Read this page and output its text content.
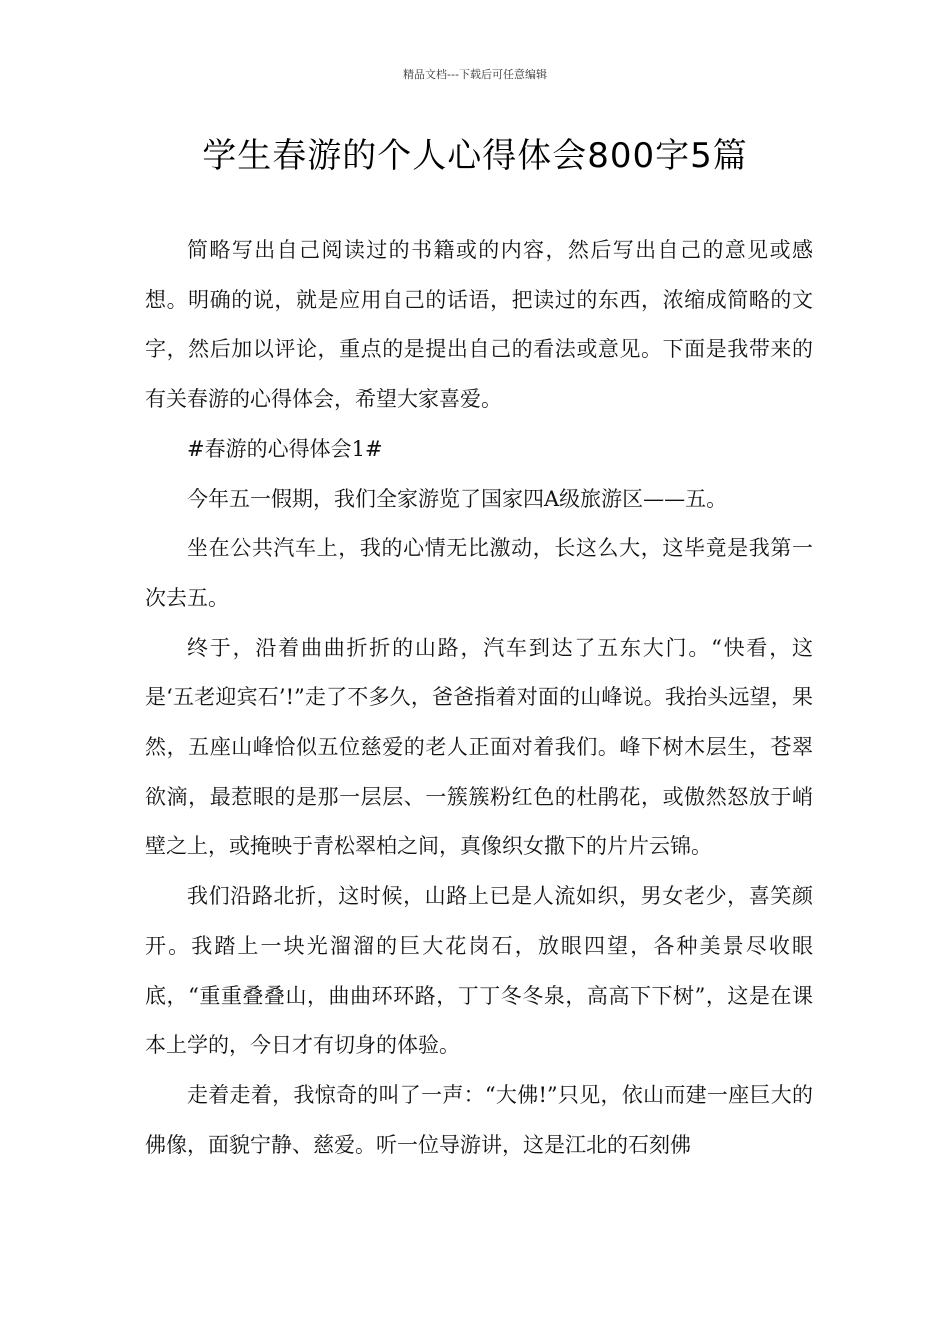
精品文档---下载后可任意编辑
学生春游的个人心得体会800字5篇

简略写出自己阅读过的书籍或的内容，然后写出自己的意见或感想。明确的说，就是应用自己的话语，把读过的东西，浓缩成简略的文字，然后加以评论，重点的是提出自己的看法或意见。下面是我带来的有关春游的心得体会，希望大家喜爱。

#春游的心得体会1#

今年五一假期，我们全家游览了国家四A级旅游区——五。

坐在公共汽车上，我的心情无比激动，长这么大，这毕竟是我第一次去五。

终于，沿着曲曲折折的山路，汽车到达了五东大门。“快看，这是‘五老迎宾石’!”走了不多久，爸爸指着对面的山峰说。我抬头远望，果然，五座山峰恰似五位慈爱的老人正面对着我们。峰下树木层生，苍翠欲滴，最惹眼的是那一层层、一簇簇粉红色的杜鹃花，或傲然怒放于峭壁之上，或掩映于青松翠柏之间，真像织女撒下的片片云锦。

我们沿路北折，这时候，山路上已是人流如织，男女老少，喜笑颜开。我踏上一块光溜溜的巨大花岗石，放眼四望，各种美景尽收眼底，“重重叠叠山，曲曲环环路，丁丁冬冬泉，高高下下树”，这是在课本上学的，今日才有切身的体验。

走着走着，我惊奇的叫了一声：“大佛!”只见，依山而建一座巨大的佛像，面貌宁静、慈爱。听一位导游讲，这是江北的石刻佛
